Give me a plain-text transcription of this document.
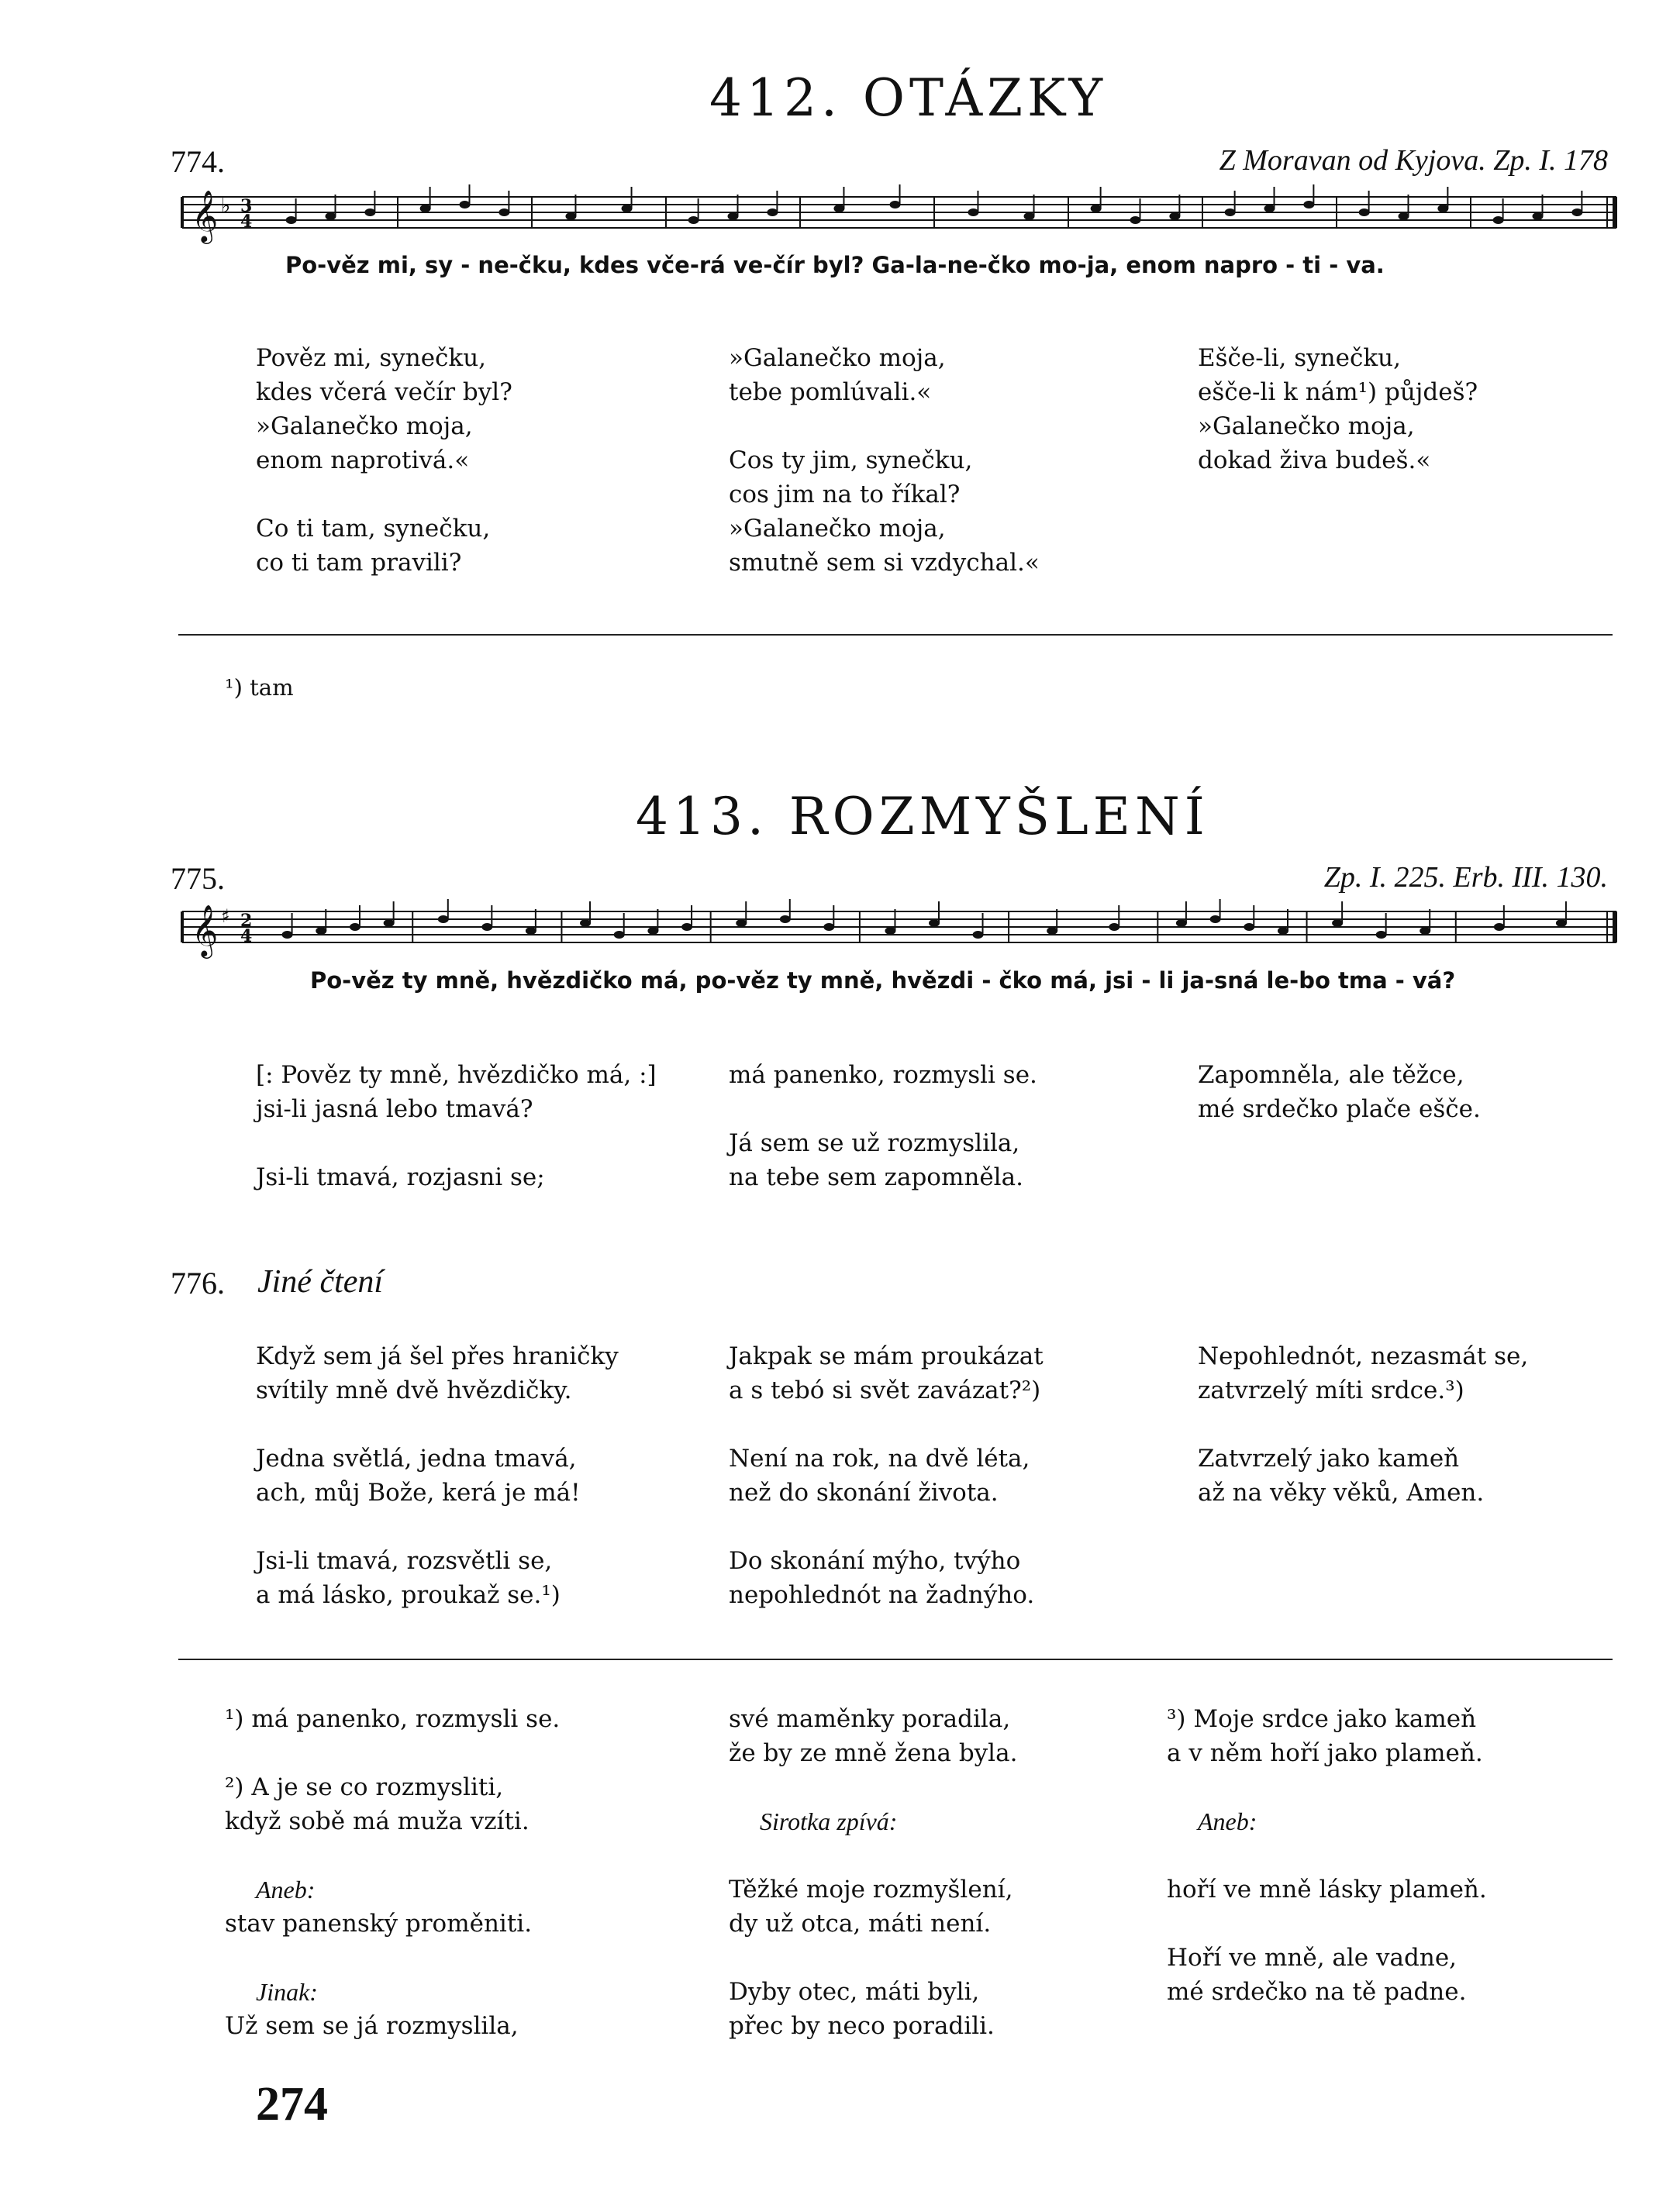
412. OTÁZKY
774.	Z Moravan od Kyjova. Zp. I. 178
𝄞 ♭ 3
4
Po-věz mi, sy - ne-čku, kdes vče-rá ve-čír byl? Ga-la-ne-čko mo-ja, enom napro - ti - va.
Pověz mi, synečku,
kdes včerá večír byl?
»Galanečko moja,
enom naprotivá.«
Co ti tam, synečku,
co ti tam pravili?
»Galanečko moja,
tebe pomlúvali.«
Cos ty jim, synečku,
cos jim na to říkal?
»Galanečko moja,
smutně sem si vzdychal.«
Ešče-li, synečku,
ešče-li k nám¹) půjdeš?
»Galanečko moja,
dokad živa budeš.«
¹) tam
413. ROZMYŠLENÍ
775.	Zp. I. 225. Erb. III. 130.
𝄞 ♯ 2
4
Po-věz ty mně, hvězdičko má, po-věz ty mně, hvězdi - čko má, jsi - li ja-sná le-bo tma - vá?
[: Pověz ty mně, hvězdičko má, :]
jsi-li jasná lebo tmavá?
Jsi-li tmavá, rozjasni se;
má panenko, rozmysli se.
Já sem se už rozmyslila,
na tebe sem zapomněla.
Zapomněla, ale těžce,
mé srdečko plače ešče.
776. Jiné čtení
Když sem já šel přes hraničky
svítily mně dvě hvězdičky.
Jedna světlá, jedna tmavá,
ach, můj Bože, kerá je má!
Jsi-li tmavá, rozsvětli se,
a má lásko, proukaž se.¹)
Jakpak se mám proukázat
a s tebó si svět zavázat?²)
Není na rok, na dvě léta,
než do skonání života.
Do skonání mýho, tvýho
nepohlednót na žadnýho.
Nepohlednót, nezasmát se,
zatvrzelý míti srdce.³)
Zatvrzelý jako kameň
až na věky věků, Amen.
¹) má panenko, rozmysli se.
²) A je se co rozmysliti,
když sobě má muža vzíti.
Aneb:
stav panenský proměniti.
Jinak:
Už sem se já rozmyslila,
své maměnky poradila,
že by ze mně žena byla.
Sirotka zpívá:
Těžké moje rozmyšlení,
dy už otca, máti není.
Dyby otec, máti byli,
přec by neco poradili.
³) Moje srdce jako kameň
a v něm hoří jako plameň.
Aneb:
hoří ve mně lásky plameň.
Hoří ve mně, ale vadne,
mé srdečko na tě padne.
274
